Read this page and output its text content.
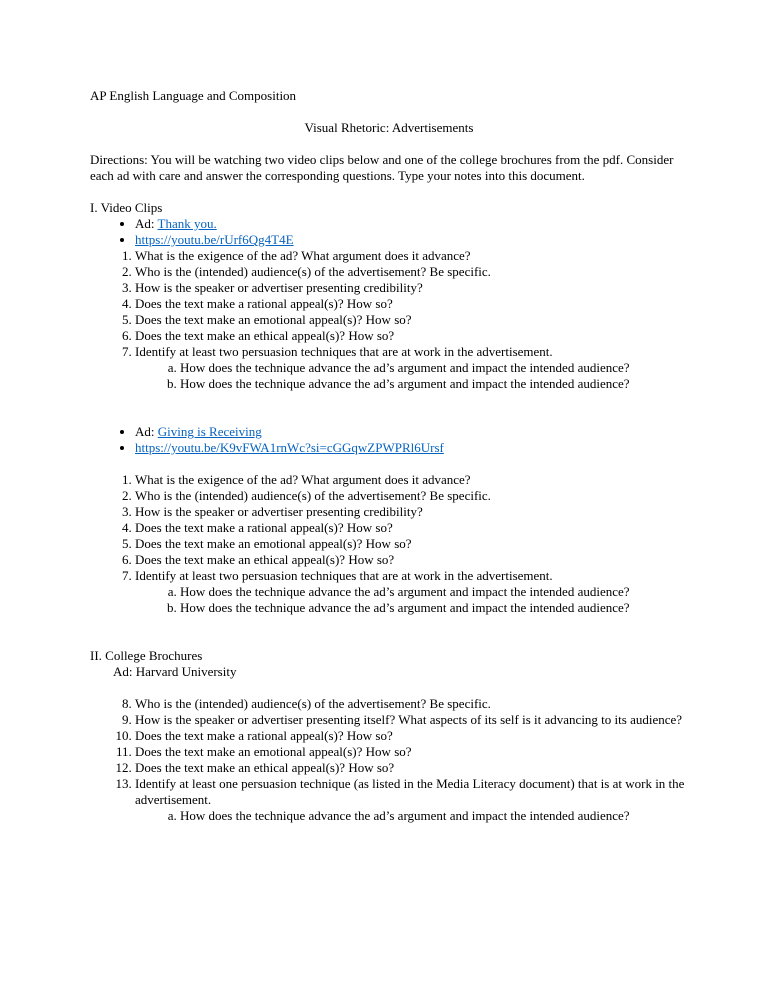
AP English Language and Composition

Visual Rhetoric: Advertisements

Directions: You will be watching two video clips below and one of the college brochures from the pdf. Consider each ad with care and answer the corresponding questions. Type your notes into this document.

I. Video Clips

• Ad: Thank you.
• https://youtu.be/rUrf6Qg4T4E
1. What is the exigence of the ad? What argument does it advance?
2. Who is the (intended) audience(s) of the advertisement? Be specific.
3. How is the speaker or advertiser presenting credibility?
4. Does the text make a rational appeal(s)? How so?
5. Does the text make an emotional appeal(s)? How so?
6. Does the text make an ethical appeal(s)? How so?
7. Identify at least two persuasion techniques that are at work in the advertisement.
a. How does the technique advance the ad’s argument and impact the intended audience?
b. How does the technique advance the ad’s argument and impact the intended audience?
• Ad: Giving is Receiving
• https://youtu.be/K9vFWA1rnWc?si=cGGqwZPWPRl6Ursf
1. What is the exigence of the ad? What argument does it advance?
2. Who is the (intended) audience(s) of the advertisement? Be specific.
3. How is the speaker or advertiser presenting credibility?
4. Does the text make a rational appeal(s)? How so?
5. Does the text make an emotional appeal(s)? How so?
6. Does the text make an ethical appeal(s)? How so?
7. Identify at least two persuasion techniques that are at work in the advertisement.
a. How does the technique advance the ad’s argument and impact the intended audience?
b. How does the technique advance the ad’s argument and impact the intended audience?

II. College Brochures

Ad: Harvard University

8. Who is the (intended) audience(s) of the advertisement? Be specific.
9. How is the speaker or advertiser presenting itself? What aspects of its self is it advancing to its audience?
10. Does the text make a rational appeal(s)? How so?
11. Does the text make an emotional appeal(s)? How so?
12. Does the text make an ethical appeal(s)? How so?
13. Identify at least one persuasion technique (as listed in the Media Literacy document) that is at work in the advertisement.
a. How does the technique advance the ad’s argument and impact the intended audience?
